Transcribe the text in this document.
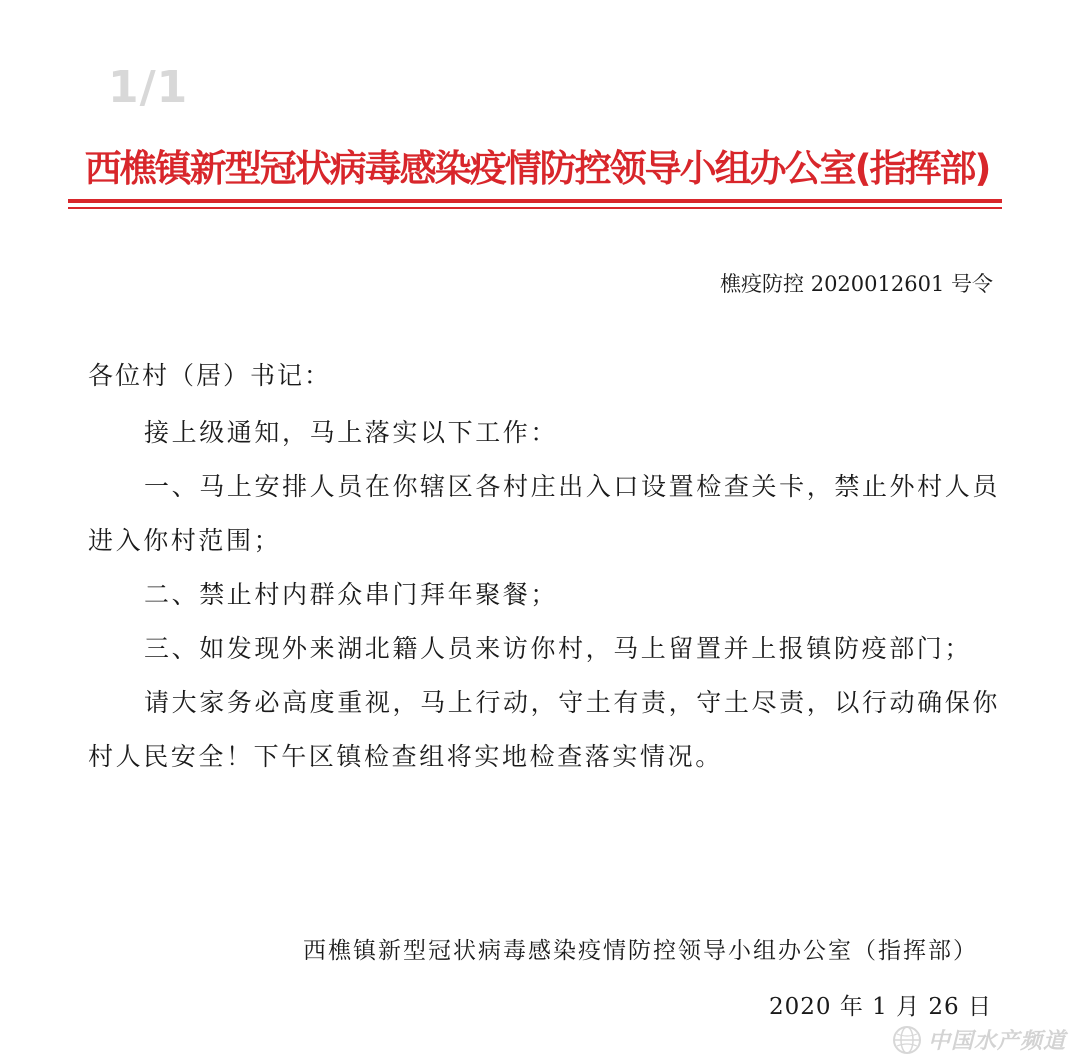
1/1
西樵镇新型冠状病毒感染疫情防控领导小组办公室(指挥部)
樵疫防控 2020012601 号令
各位村（居）书记：

接上级通知，马上落实以下工作：

一、马上安排人员在你辖区各村庄出入口设置检查关卡，禁止外村人员进入你村范围；

二、禁止村内群众串门拜年聚餐；

三、如发现外来湖北籍人员来访你村，马上留置并上报镇防疫部门；

请大家务必高度重视，马上行动，守土有责，守土尽责，以行动确保你村人民安全！下午区镇检查组将实地检查落实情况。

西樵镇新型冠状病毒感染疫情防控领导小组办公室（指挥部）
2020 年 1 月 26 日
中国水产频道
